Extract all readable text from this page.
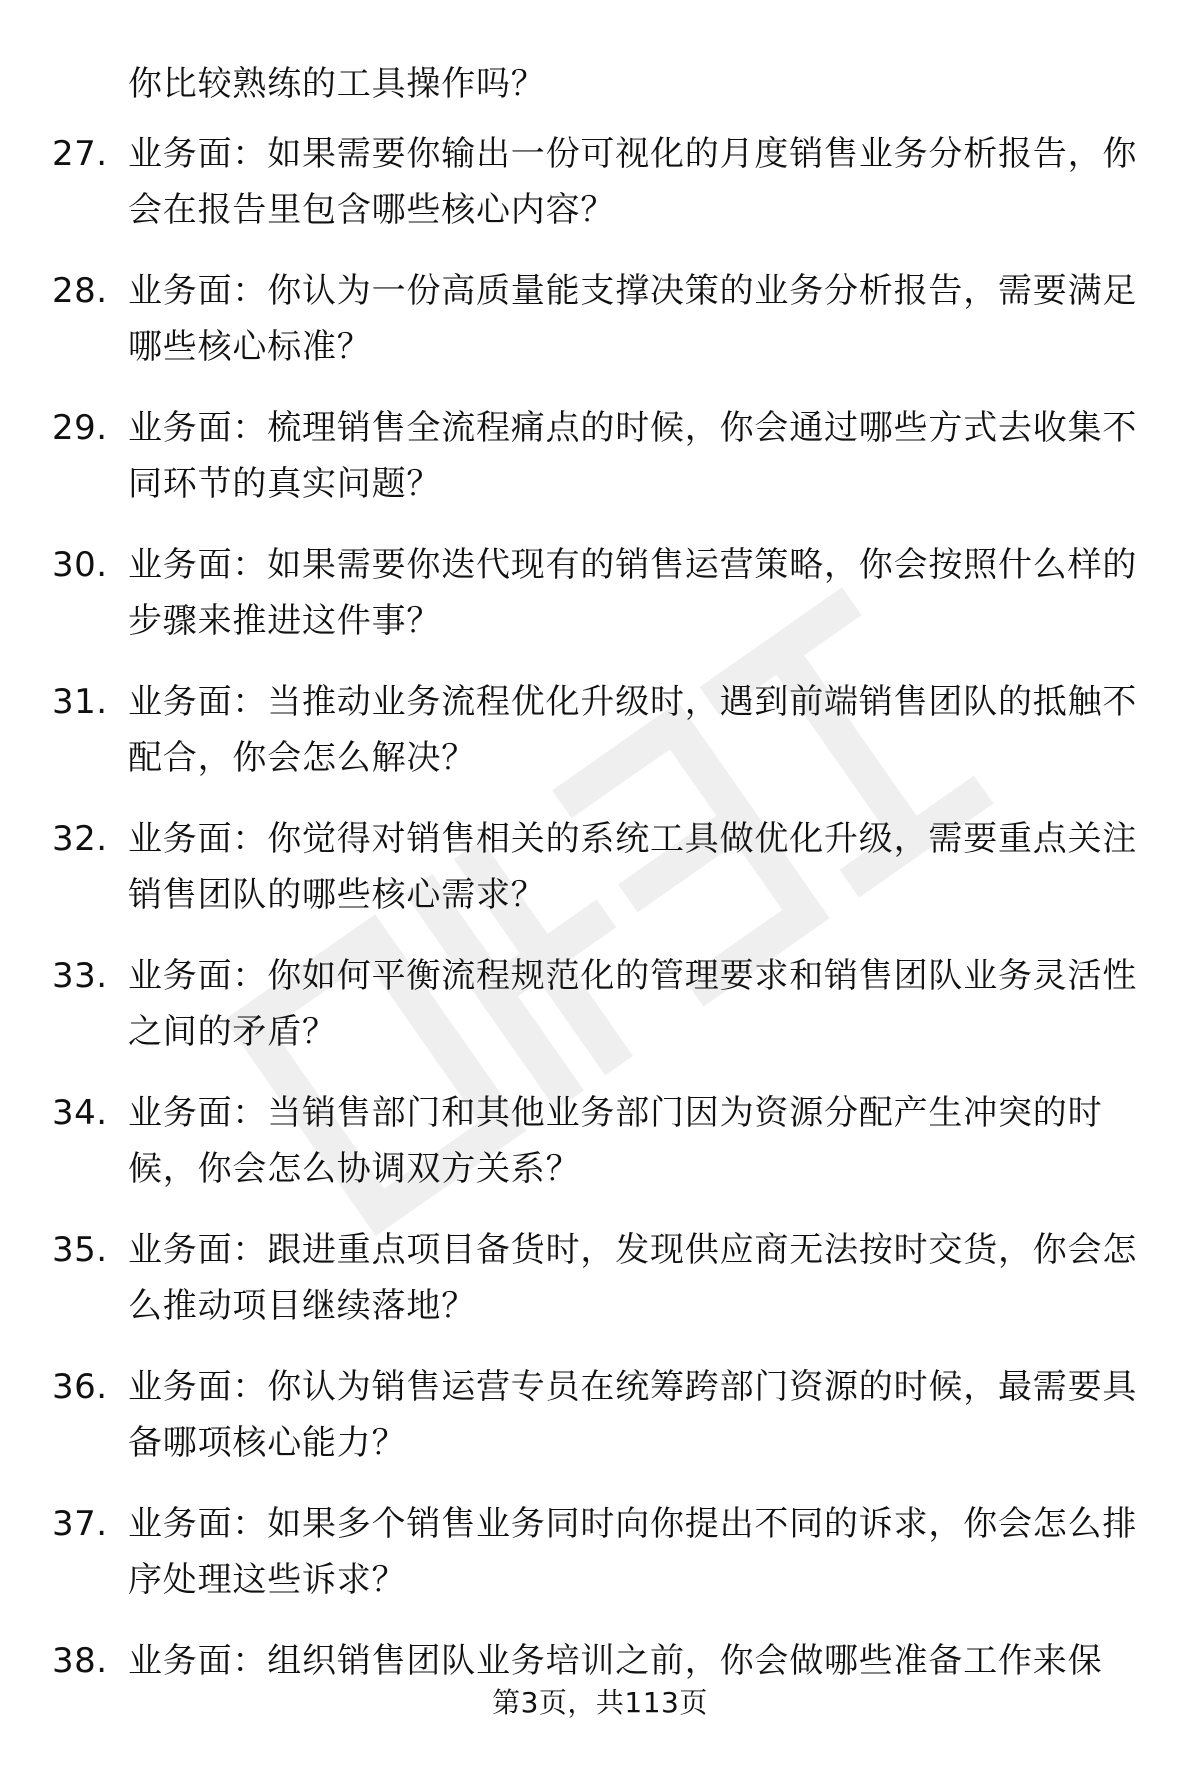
你比较熟练的工具操作吗？
27. 业务面：如果需要你输出一份可视化的月度销售业务分析报告，你会在报告里包含哪些核心内容？
28. 业务面：你认为一份高质量能支撑决策的业务分析报告，需要满足哪些核心标准？
29. 业务面：梳理销售全流程痛点的时候，你会通过哪些方式去收集不同环节的真实问题？
30. 业务面：如果需要你迭代现有的销售运营策略，你会按照什么样的步骤来推进这件事？
31. 业务面：当推动业务流程优化升级时，遇到前端销售团队的抵触不配合，你会怎么解决？
32. 业务面：你觉得对销售相关的系统工具做优化升级，需要重点关注销售团队的哪些核心需求？
33. 业务面：你如何平衡流程规范化的管理要求和销售团队业务灵活性之间的矛盾？
34. 业务面：当销售部门和其他业务部门因为资源分配产生冲突的时候，你会怎么协调双方关系？
35. 业务面：跟进重点项目备货时，发现供应商无法按时交货，你会怎么推动项目继续落地？
36. 业务面：你认为销售运营专员在统筹跨部门资源的时候，最需要具备哪项核心能力？
37. 业务面：如果多个销售业务同时向你提出不同的诉求，你会怎么排序处理这些诉求？
38. 业务面：组织销售团队业务培训之前，你会做哪些准备工作来保
第3页，共113页
